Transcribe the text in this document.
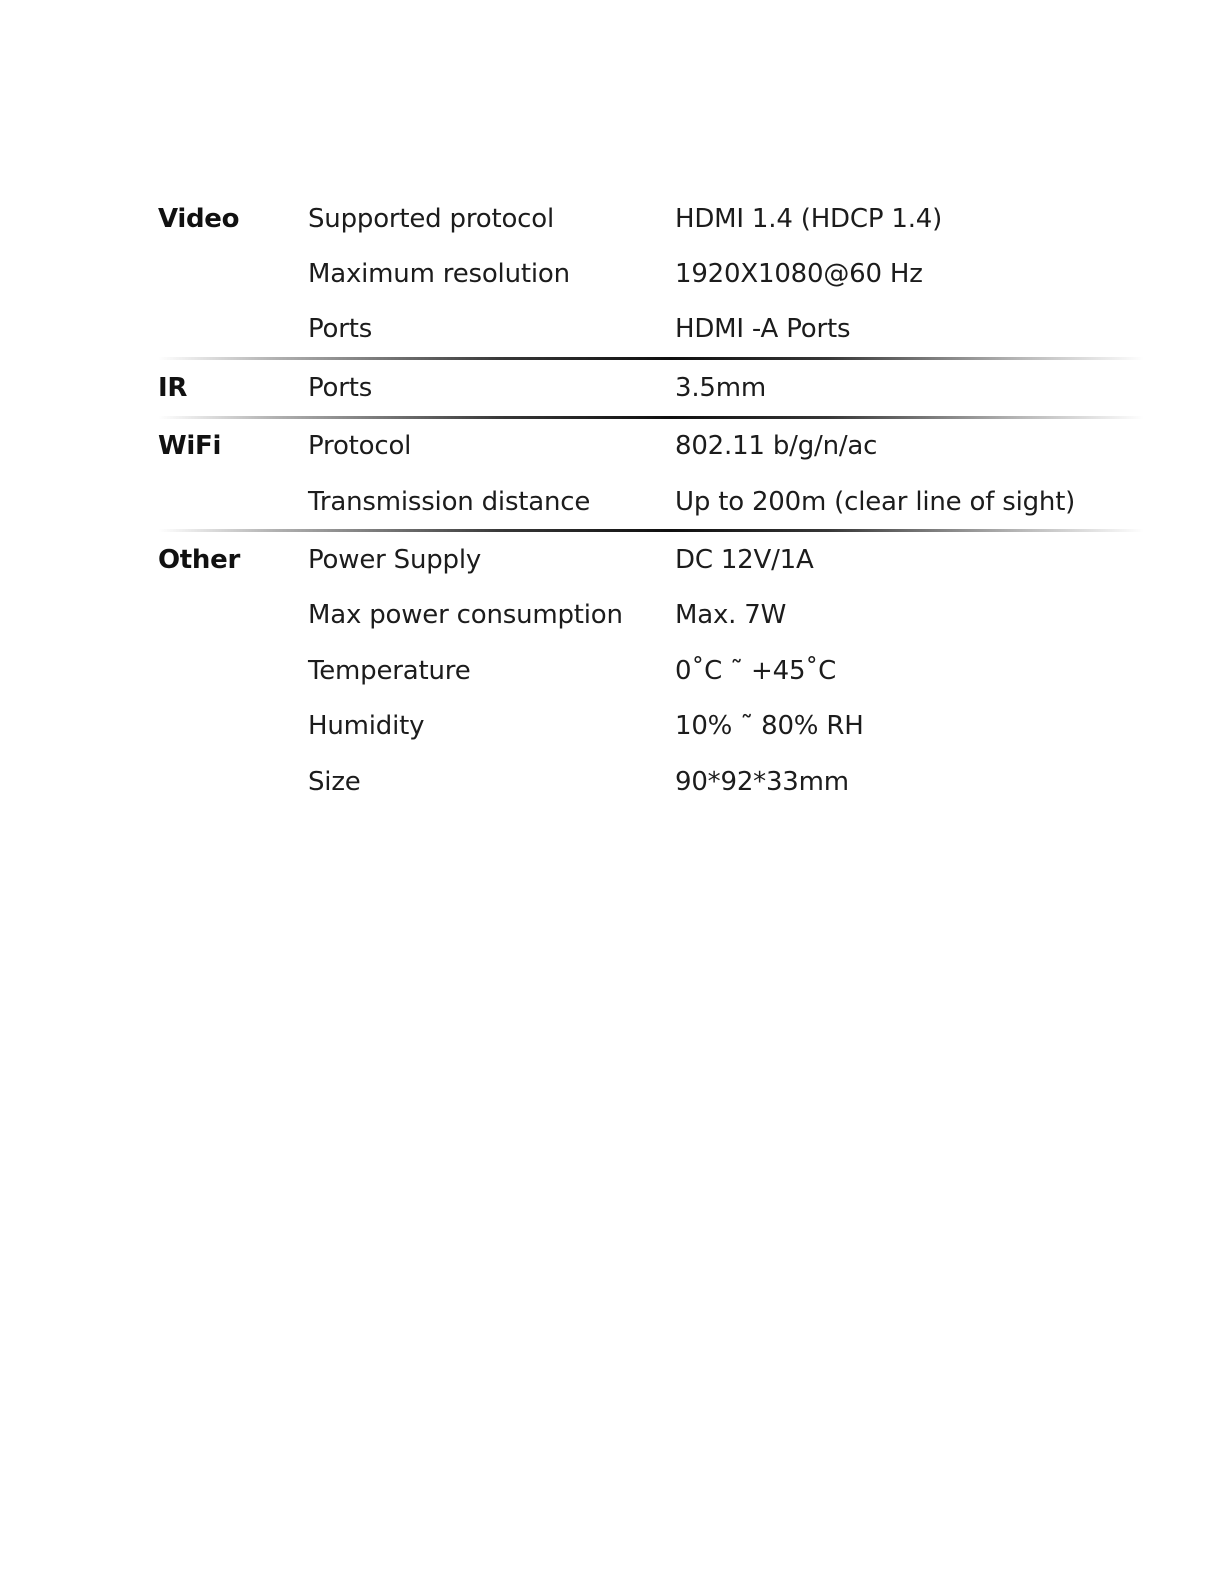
Video	Supported protocol	HDMI 1.4 (HDCP 1.4)
Maximum resolution	1920X1080@60 Hz
Ports	HDMI -A Ports
IR	Ports	3.5mm
WiFi	Protocol	802.11 b/g/n/ac
Transmission distance	Up to 200m (clear line of sight)
Other	Power Supply	DC 12V/1A
Max power consumption	Max. 7W
Temperature	0˚C ˜ +45˚C
Humidity	10% ˜ 80% RH
Size	90*92*33mm
